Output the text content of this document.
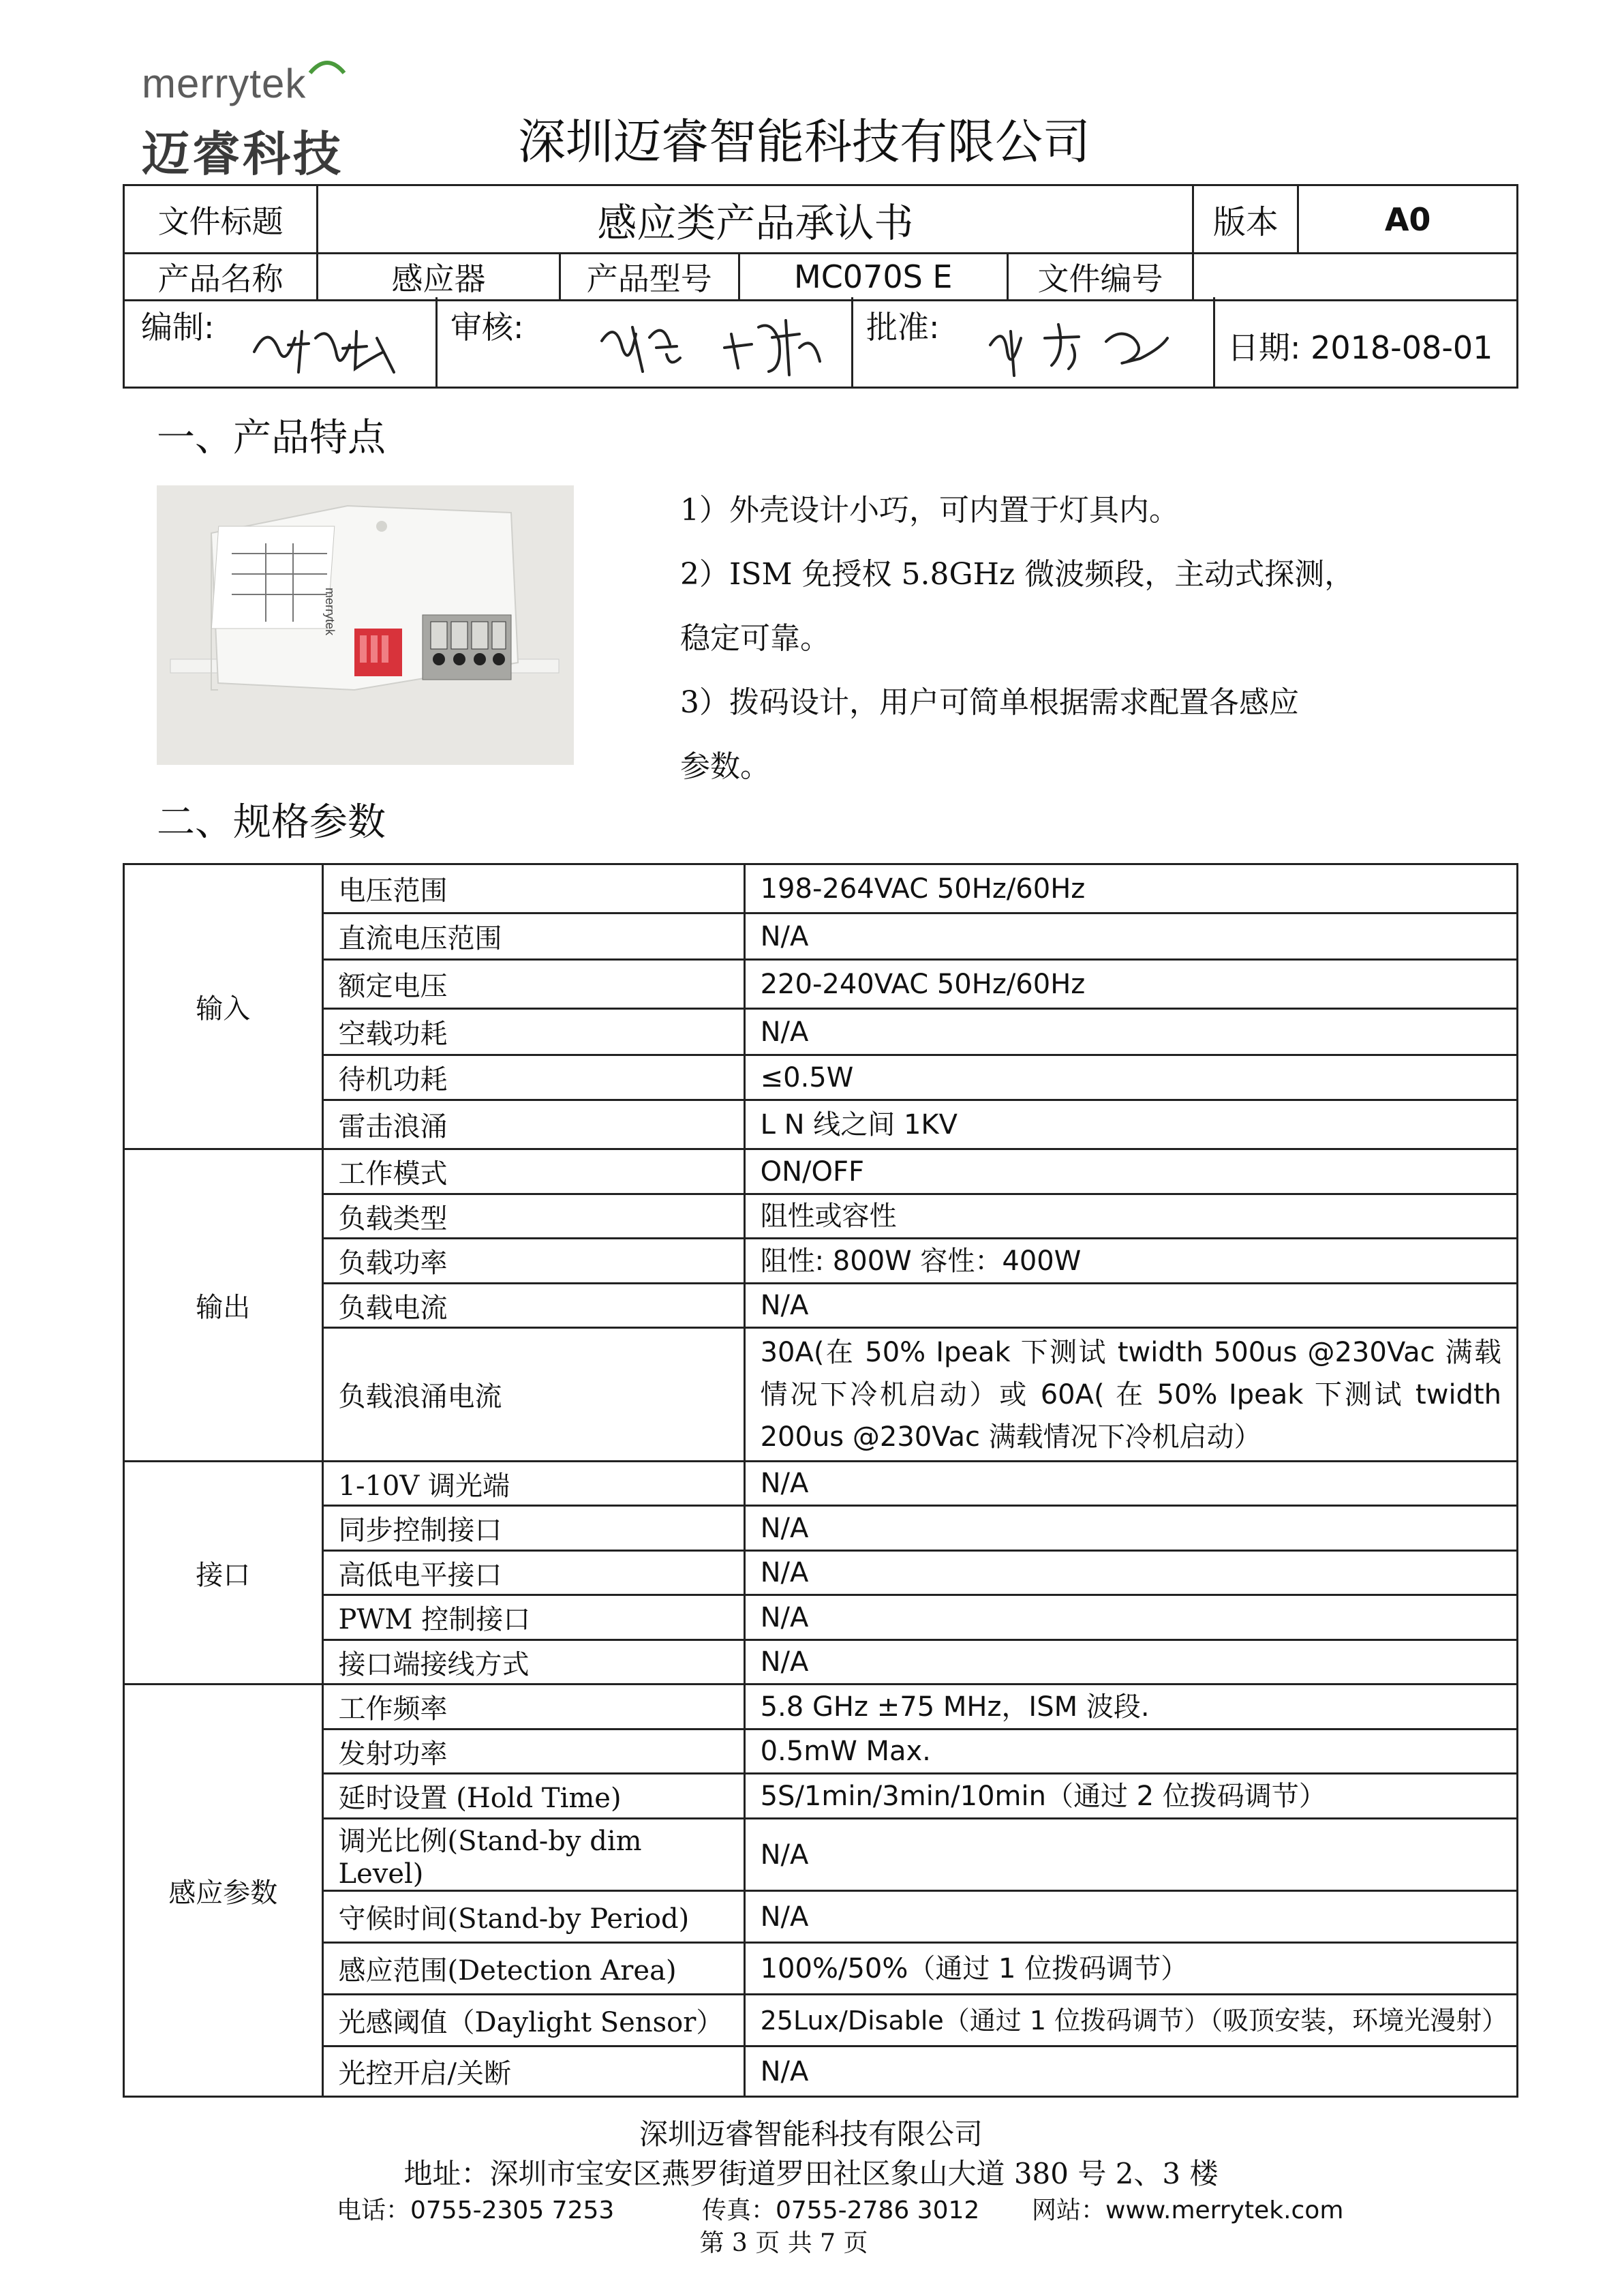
merrytek
迈睿科技	深圳迈睿智能科技有限公司
文件标题	感应类产品承认书				版本	A0
产品名称	感应器	产品型号	MC070S E	文件编号		
编制:	审核:	批准:
日期: 2018-08-01
一、产品特点
merrytek
1）外壳设计小巧，可内置于灯具内。
2）ISM 免授权 5.8GHz 微波频段，主动式探测，
稳定可靠。
3）拨码设计，用户可简单根据需求配置各感应
参数。
二、规格参数
输入	电压范围	198-264VAC 50Hz/60Hz
	直流电压范围	N/A
	额定电压	220-240VAC 50Hz/60Hz
	空载功耗	N/A
	待机功耗	≤0.5W
	雷击浪涌	L N 线之间 1KV
输出	工作模式	ON/OFF
	负载类型	阻性或容性
	负载功率	阻性: 800W 容性：400W
	负载电流	N/A
	负载浪涌电流	30A(在 50% Ipeak 下测试 twidth 500us @230Vac 满载情况下冷机启动）或 60A( 在 50% Ipeak 下测试 twidth 200us @230Vac 满载情况下冷机启动）
接口	1-10V 调光端	N/A
	同步控制接口	N/A
	高低电平接口	N/A
	PWM 控制接口	N/A
	接口端接线方式	N/A
感应参数	工作频率	5.8 GHz ±75 MHz，ISM 波段.
	发射功率	0.5mW Max.
	延时设置 (Hold Time)	5S/1min/3min/10min（通过 2 位拨码调节）
	调光比例(Stand-by dim Level)	N/A
	守候时间(Stand-by Period)	N/A
	感应范围(Detection Area)	100%/50%（通过 1 位拨码调节）
	光感阈值（Daylight Sensor）	25Lux/Disable（通过 1 位拨码调节）（吸顶安装，环境光漫射）
	光控开启/关断	N/A
深圳迈睿智能科技有限公司
地址：深圳市宝安区燕罗街道罗田社区象山大道 380 号 2、3 楼
电话：0755-2305 7253	传真：0755-2786 3012 网站：www.merrytek.com
第 3 页 共 7 页
